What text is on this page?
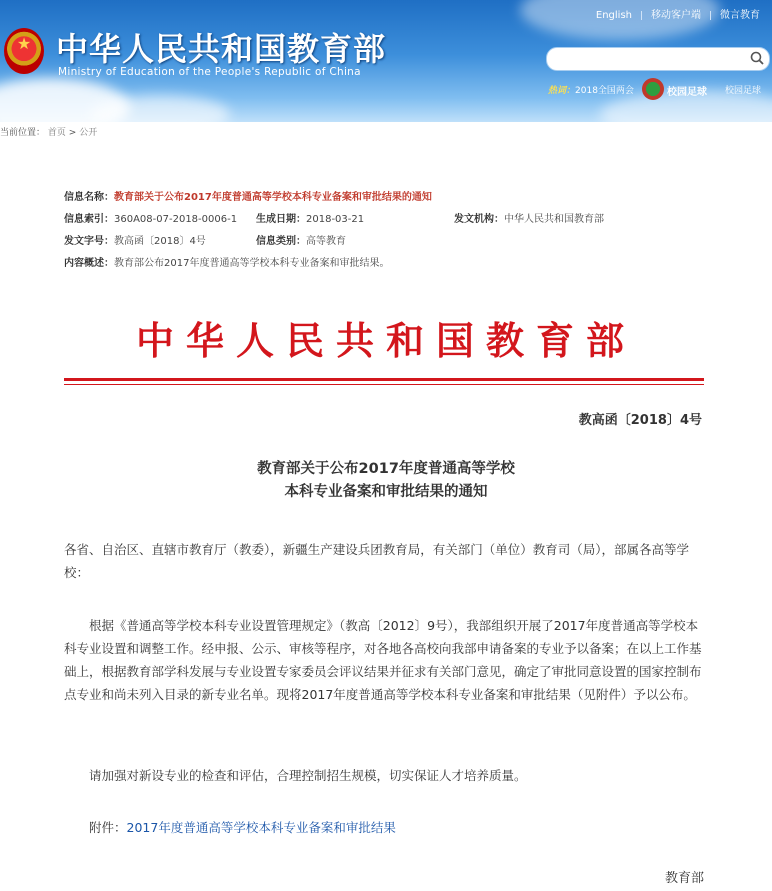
★ 中华人民共和国教育部
Ministry of Education of the People's Republic of China
English 移动客户端 微言教育
热词：2018全国两会	校园足球 校园足球
当前位置： 首页 > 公开
信息名称：教育部关于公布2017年度普通高等学校本科专业备案和审批结果的通知
信息索引：360A08-07-2018-0006-1 生成日期：2018-03-21	发文机构：中华人民共和国教育部
发文字号：教高函〔2018〕4号	信息类别：高等教育
内容概述：教育部公布2017年度普通高等学校本科专业备案和审批结果。
中华人民共和国教育部
教高函〔2018〕4号
教育部关于公布2017年度普通高等学校
本科专业备案和审批结果的通知

各省、自治区、直辖市教育厅（教委），新疆生产建设兵团教育局，有关部门（单位）教育司（局），部属各高等学校：

根据《普通高等学校本科专业设置管理规定》（教高〔2012〕9号），我部组织开展了2017年度普通高等学校本科专业设置和调整工作。经申报、公示、审核等程序，对各地各高校向我部申请备案的专业予以备案；在以上工作基础上，根据教育部学科发展与专业设置专家委员会评议结果并征求有关部门意见，确定了审批同意设置的国家控制布点专业和尚未列入目录的新专业名单。现将2017年度普通高等学校本科专业备案和审批结果（见附件）予以公布。

请加强对新设专业的检查和评估，合理控制招生规模，切实保证人才培养质量。

附件：2017年度普通高等学校本科专业备案和审批结果

教育部
